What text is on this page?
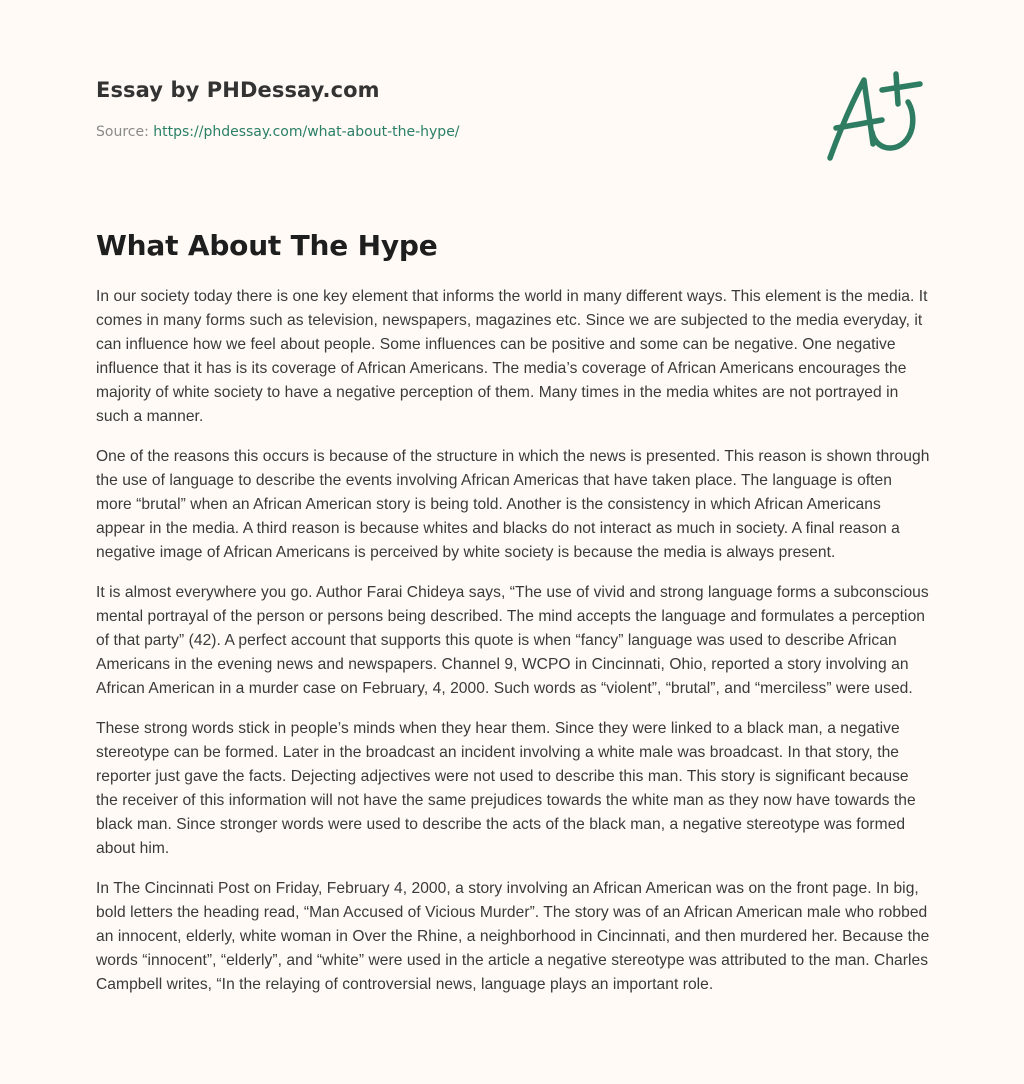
Essay by PHDessay.com
Source: https://phdessay.com/what-about-the-hype/
What About The Hype

In our society today there is one key element that informs the world in many different ways. This element is the media. It comes in many forms such as television, newspapers, magazines etc. Since we are subjected to the media everyday, it can influence how we feel about people. Some influences can be positive and some can be negative. One negative influence that it has is its coverage of African Americans. The media’s coverage of African Americans encourages the majority of white society to have a negative perception of them. Many times in the media whites are not portrayed in such a manner.

One of the reasons this occurs is because of the structure in which the news is presented. This reason is shown through the use of language to describe the events involving African Americas that have taken place. The language is often more “brutal” when an African American story is being told. Another is the consistency in which African Americans appear in the media. A third reason is because whites and blacks do not interact as much in society. A final reason a negative image of African Americans is perceived by white society is because the media is always present.

It is almost everywhere you go. Author Farai Chideya says, “The use of vivid and strong language forms a subconscious mental portrayal of the person or persons being described. The mind accepts the language and formulates a perception of that party” (42). A perfect account that supports this quote is when “fancy” language was used to describe African Americans in the evening news and newspapers. Channel 9, WCPO in Cincinnati, Ohio, reported a story involving an African American in a murder case on February, 4, 2000. Such words as “violent”, “brutal”, and “merciless” were used.

These strong words stick in people’s minds when they hear them. Since they were linked to a black man, a negative stereotype can be formed. Later in the broadcast an incident involving a white male was broadcast. In that story, the reporter just gave the facts. Dejecting adjectives were not used to describe this man. This story is significant because the receiver of this information will not have the same prejudices towards the white man as they now have towards the black man. Since stronger words were used to describe the acts of the black man, a negative stereotype was formed about him.

In The Cincinnati Post on Friday, February 4, 2000, a story involving an African American was on the front page. In big, bold letters the heading read, “Man Accused of Vicious Murder”. The story was of an African American male who robbed an innocent, elderly, white woman in Over the Rhine, a neighborhood in Cincinnati, and then murdered her. Because the words “innocent”, “elderly”, and “white” were used in the article a negative stereotype was attributed to the man. Charles Campbell writes, “In the relaying of controversial news, language plays an important role.
